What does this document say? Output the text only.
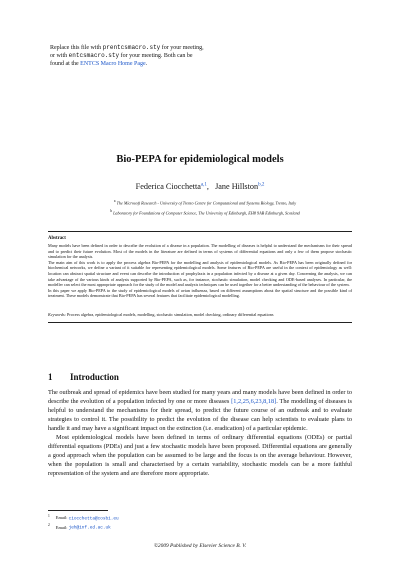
Replace this file with prentcsmacro.sty for your meeting,
or with entcsmacro.sty for your meeting. Both can be
found at the ENTCS Macro Home Page.
Bio-PEPA for epidemiological models
Federica Ciocchetta$^{a,1}$,   Jane Hillston$^{b,2}$
$^a$ The Microsoft Research - University of Trento Centre for Computational and Systems Biology, Trento, Italy
$^b$ Laboratory for Foundations of Computer Science, The University of Edinburgh, EH8 9AB Edinburgh, Scotland
Abstract

Many models have been defined in order to describe the evolution of a disease in a population. The modelling of diseases is helpful to understand the mechanisms for their spread and to predict their future evolution. Most of the models in the literature are defined in terms of systems of differential equations and only a few of them propose stochastic simulation for the analysis.

The main aim of this work is to apply the process algebra Bio-PEPA for the modelling and analysis of epidemiological models. As Bio-PEPA has been originally defined for biochemical networks, we define a variant of it suitable for representing epidemiological models. Some features of Bio-PEPA are useful in the context of epidemiology as well: location can abstract spatial structure and event can describe the introduction of prophylaxis in a population infected by a disease at a given day. Concerning the analysis, we can take advantage of the various kinds of analysis supported by Bio-PEPA, such as, for instance, stochastic simulation, model checking and ODE-based analyses. In particular, the modeller can select the most appropriate approach for the study of the model and analysis techniques can be used together for a better understanding of the behaviour of the system.

In this paper we apply Bio-PEPA to the study of epidemiological models of avian influenza, based on different assumptions about the spatial structure and the possible kind of treatment. These models demonstrate that Bio-PEPA has several features that facilitate epidemiological modelling.

Keywords: Process algebra, epidemiological models, modelling, stochastic simulation, model checking, ordinary differential equations
1 Introduction

The outbreak and spread of epidemics have been studied for many years and many models have been defined in order to describe the evolution of a population infected by one or more diseases [1,2,25,6,23,8,18]. The modelling of diseases is helpful to understand the mechanisms for their spread, to predict the future course of an outbreak and to evaluate strategies to control it. The possibility to predict the evolution of the disease can help scientists to evaluate plans to handle it and may have a significant impact on the extinction (i.e. eradication) of a particular epidemic.

Most epidemiological models have been defined in terms of ordinary differential equations (ODEs) or partial differential equations (PDEs) and just a few stochastic models have been proposed. Differential equations are generally a good approach when the population can be assumed to be large and the focus is on the average behaviour. However, when the population is small and characterised by a certain variability, stochastic models can be a more faithful representation of the system and are therefore more appropriate.

$^1$ Email: ciocchetta@cosbi.eu
$^2$ Email: jeh@inf.ed.ac.uk
©2009 Published by Elsevier Science B. V.
